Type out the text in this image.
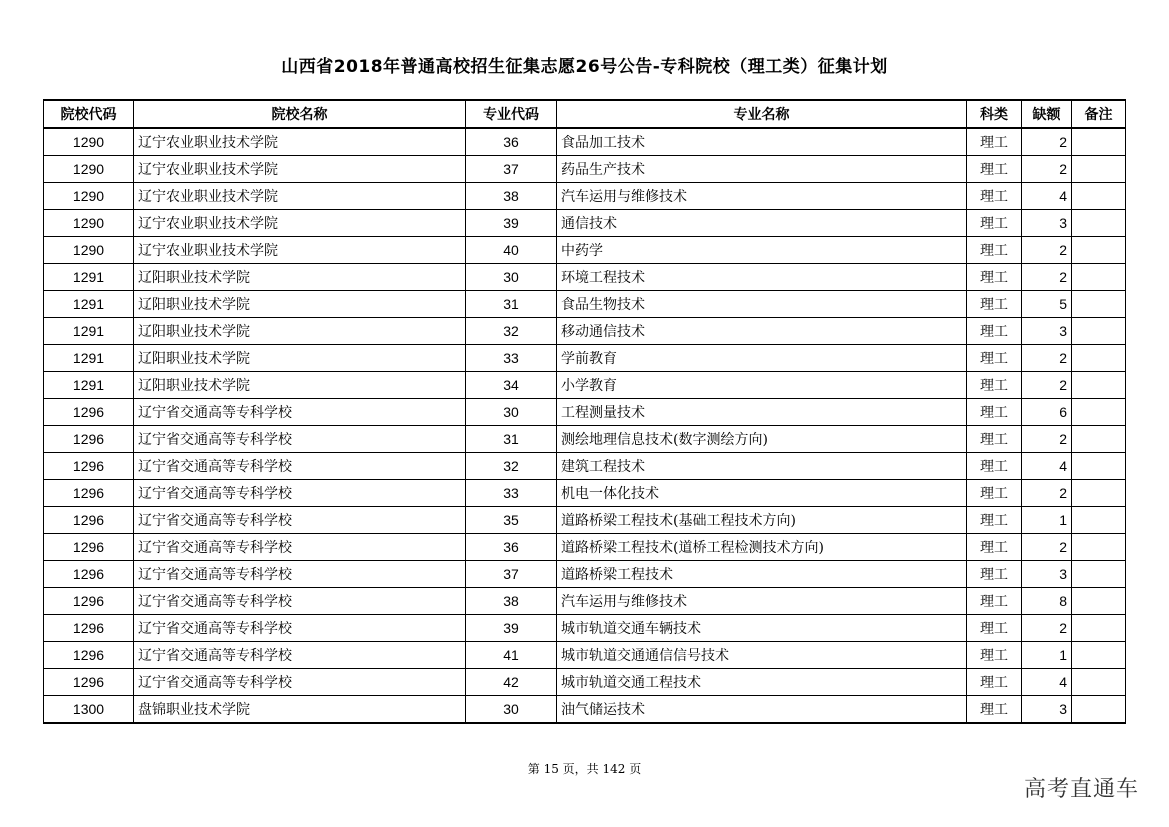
山西省2018年普通高校招生征集志愿26号公告-专科院校（理工类）征集计划
院校代码	院校名称	专业代码	专业名称	科类	缺额	备注
1290	辽宁农业职业技术学院	36	食品加工技术	理工	2	
1290	辽宁农业职业技术学院	37	药品生产技术	理工	2	
1290	辽宁农业职业技术学院	38	汽车运用与维修技术	理工	4	
1290	辽宁农业职业技术学院	39	通信技术	理工	3	
1290	辽宁农业职业技术学院	40	中药学	理工	2	
1291	辽阳职业技术学院	30	环境工程技术	理工	2	
1291	辽阳职业技术学院	31	食品生物技术	理工	5	
1291	辽阳职业技术学院	32	移动通信技术	理工	3	
1291	辽阳职业技术学院	33	学前教育	理工	2	
1291	辽阳职业技术学院	34	小学教育	理工	2	
1296	辽宁省交通高等专科学校	30	工程测量技术	理工	6	
1296	辽宁省交通高等专科学校	31	测绘地理信息技术(数字测绘方向)	理工	2	
1296	辽宁省交通高等专科学校	32	建筑工程技术	理工	4	
1296	辽宁省交通高等专科学校	33	机电一体化技术	理工	2	
1296	辽宁省交通高等专科学校	35	道路桥梁工程技术(基础工程技术方向)	理工	1	
1296	辽宁省交通高等专科学校	36	道路桥梁工程技术(道桥工程检测技术方向)	理工	2	
1296	辽宁省交通高等专科学校	37	道路桥梁工程技术	理工	3	
1296	辽宁省交通高等专科学校	38	汽车运用与维修技术	理工	8	
1296	辽宁省交通高等专科学校	39	城市轨道交通车辆技术	理工	2	
1296	辽宁省交通高等专科学校	41	城市轨道交通通信信号技术	理工	1	
1296	辽宁省交通高等专科学校	42	城市轨道交通工程技术	理工	4	
1300	盘锦职业技术学院	30	油气储运技术	理工	3	
第 15 页，共 142 页
高考直通车
